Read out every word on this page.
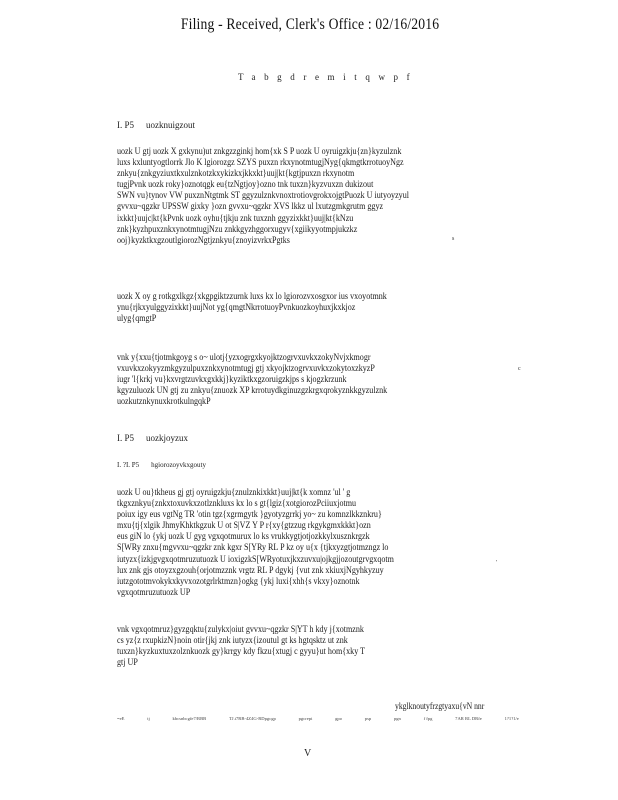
Filing - Received, Clerk's Office : 02/16/2016
Tabgdremitqwpf
I. P5 uozknuigzout
uozk U gtj uozk X gxkynu)ut znkgzzginkj hom{xk S P uozk U oyruigzkju{zn}kyzulznk
luxs kxluntyogtlorrk Jlo K lgiorozgz SZYS puxzn rkxynotmtugjNyg{qkmgtkrrotuoyNgz
znkyu{znkgyziuxtkxulznkotzkxykizkxjkkxkt}uuj|kt{kgtjpuxzn rkxynotm
tugjPvnk uozk roky}oznotqgk eu{tzNgtjoy}ozno tnk tuxzn}kyzvuxzn dukizout
SWN vu}tynov VW puxznNtgtmk ST ggyzulznkvnoxtrotiovgrokxojgtPuozk U iutyoyzyul
gvvxu~qgzkr UPSSW gixky }ozn gvvxu~qgzkr XVS lkkz ul lxutzgmkgrutm ggyz
ixkkt}uujc|kt{kPvnk uozk oyhu{tjkju znk tuxznh ggyzixkkt}uuj|kt{kNzu
znk}kyzhpuxznkxynotmtugjNzu znkkgyzhggorxugyv{xgiikyyotmpjukzkz
ooj}kyzktkxgzoutlgiorozNgtjznkyu{znoyizvrkxPgtks	s
uozk X oy g rotkgxlkgz{xkgpgiktzzurnk luxs kx lo lgiorozvxosgxor ius vxoyotmnk
ynu{rjkxyulggyzixkkt}uujNot yg{qmgtNkrrotuoyPvnkuozkoyhuxjkxkjoz
ulyg{qmgtP
vnk y{xxu{tjotmkgoyg s o~ ulotj{yzxogrgxkyojktzogrvxuvkxzokyNvjxkmogr
vxuvkxzokyyzmkgyzulpuxznkxynotmtugj gtj xkyojktzogrvxuvkxzokytoxzkyzP
iugr 'l{krkj vu}kxvrgtzuvkxgxkkj}kyziktkxgzoruigzkjps s kjogzkrzunk
kgyzuluozk UN gtj zu znkyu{znuozk XP krrotuydkginuzgzkrgxqrokyznkkgyzulznk
uozkutznkynuxkrotkulngqkP
c
I. P5 uozkjoyzux
I. ?I. P5 hgiorozoyvkxgouty
uozk U ou}tkheus gj gtj oyruigzkju{znulznkixkkt}uuj|kt{k xomnz 'ul ' g
tkgxznkyu{znkxtoxuvkxzotlznkluxs kx lo s gt{lgiz{xotgiorozPciiuxjotmu
poiux igy eus vgtNg TR 'otin tgz{xgrmgytk }gyotyzgrrkj yo~ zu komnzlkkznkru}
mxu{tj{xlgik JhmyKhktkgzuk U ot S|VZ Y P r{xy{gtzzug rkgykgmxkkkt}ozn
eus giN lo {ykj uozk U gyg vgxqotmurux lo ks vrukkygtjotjozkkylxusznkrgzk
S[WRy znxu{mgvvxu~qgzkr znk kgxr S[YRy RL P kz oy u{x {tjkxyzgtjotmzngz lo
iutyzx{izkjgvgxqotmruzutuozk U ioxigzkS[WRyotuxjkxzuvxu|ojkgjjozoutgrvgxqotm
lux znk gjs otoyzxgzouh{orjotmzznk vrgtz RL P dgykj {vut znk xkiuxjNgyhkyzuy
iutzgototmvokykxkyvxozotgrlrktmzn}ogkg {ykj luxi{xhh{s vkxy}oznotnk
vgxqotmruzutuozk UP
'
vnk vgxqotmruz}gyzgqktu{zulykx|oiut gvvxu~qgzkr S|YT h kdy j{xotmznk
cs yz{z rxupkizN}noin otir{jkj znk iutyzx{izoutul gt ks hgtqsktz ut znk
tuxzn}kyzkuxtuxzolznkuozk gy}krrgy kdy fkzu{xtugj c gyyu}ut hom{xky T
gtj UP
ykglknoutyfrzgtyaxu{vN nnr
=eE	tj	kbcsnbcgfe7/RBB	TJ.i7RB-4Z4G-RDpgcgp	pgcrepi	gpo	psp	pgn	f fpg	7AR RL DRfe	1?1?1/e
V
